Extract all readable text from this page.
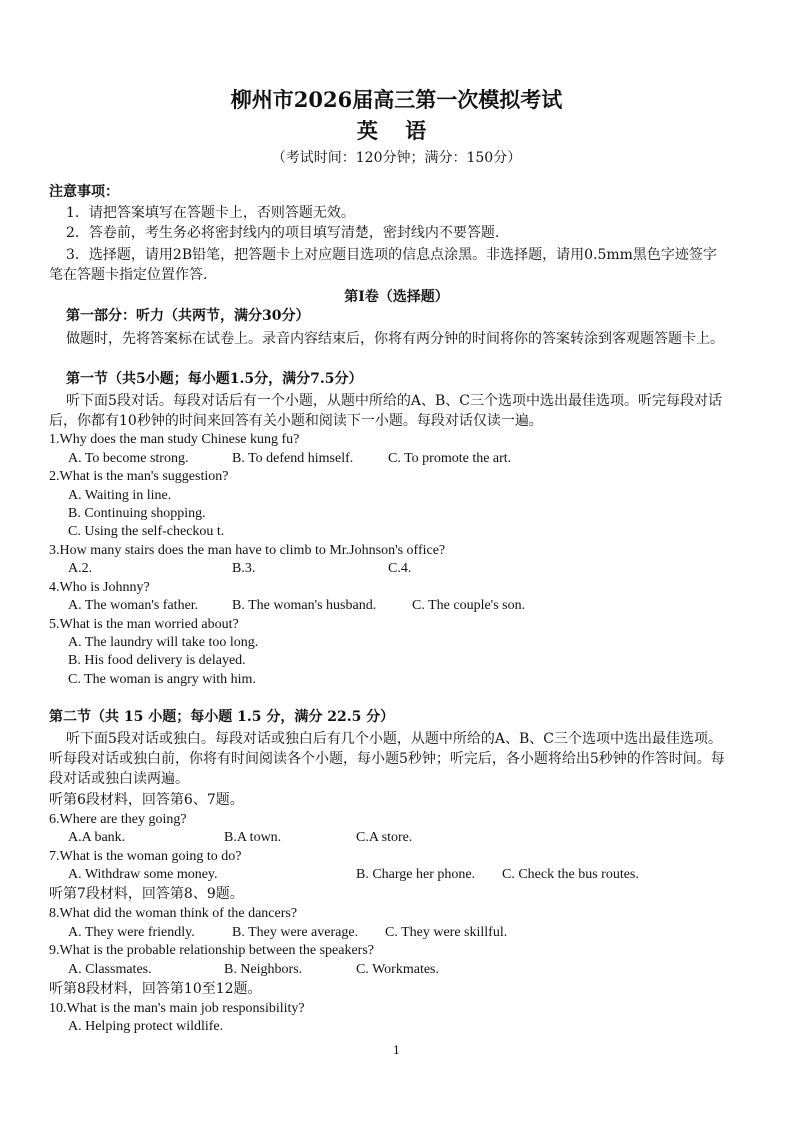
柳州市2026届高三第一次模拟考试
英 语
（考试时间：120分钟；满分：150分）
注意事项：
1．请把答案填写在答题卡上，否则答题无效。
2．答卷前，考生务必将密封线内的项目填写清楚，密封线内不要答题.
3．选择题，请用2B铅笔，把答题卡上对应题目选项的信息点涂黑。非选择题，请用0.5mm黑色字迹签字笔在答题卡指定位置作答.
第Ⅰ卷（选择题）
第一部分：听力（共两节，满分30分）
做题时，先将答案标在试卷上。录音内容结束后，你将有两分钟的时间将你的答案转涂到客观题答题卡上。
第一节（共5小题；每小题1.5分，满分7.5分）
听下面5段对话。每段对话后有一个小题，从题中所给的A、B、C三个选项中选出最佳选项。听完每段对话后，你都有10秒钟的时间来回答有关小题和阅读下一小题。每段对话仅读一遍。
1.Why does the man study Chinese kung fu?
A. To become strong.	B. To defend himself. C. To promote the art.
2.What is the man's suggestion?
A. Waiting in line.
B. Continuing shopping.
C. Using the self-checkou t.
3.How many stairs does the man have to climb to Mr.Johnson's office?
A.2.	B.3.	C.4.
4.Who is Johnny?
A. The woman's father. B. The woman's husband.	C. The couple's son.
5.What is the man worried about?
A. The laundry will take too long.
B. His food delivery is delayed.
C. The woman is angry with him.
第二节（共 15 小题；每小题 1.5 分，满分 22.5 分）
听下面5段对话或独白。每段对话或独白后有几个小题，从题中所给的A、B、C三个选项中选出最佳选项。听每段对话或独白前，你将有时间阅读各个小题，每小题5秒钟；听完后，各小题将给出5秒钟的作答时间。每段对话或独白读两遍。
听第6段材料，回答第6、7题。
6.Where are they going?
A.A bank.	B.A town.	C.A store.
7.What is the woman going to do?
A. Withdraw some money.	B. Charge her phone. C. Check the bus routes.
听第7段材料，回答第8、9题。
8.What did the woman think of the dancers?
A. They were friendly.	B. They were average. C. They were skillful.
9.What is the probable relationship between the speakers?
A. Classmates.	B. Neighbors.	C. Workmates.
听第8段材料，回答第10至12题。
10.What is the man's main job responsibility?
A. Helping protect wildlife.
1
